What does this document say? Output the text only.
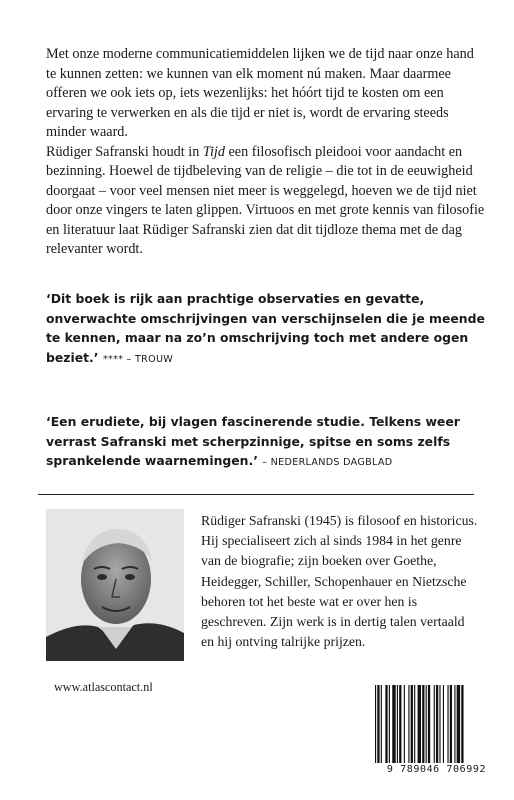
Met onze moderne communicatiemiddelen lijken we de tijd naar onze hand te kunnen zetten: we kunnen van elk moment nú maken. Maar daarmee offeren we ook iets op, iets wezenlijks: het hóórt tijd te kosten om een ervaring te verwerken en als die tijd er niet is, wordt de ervaring steeds minder waard.

Rüdiger Safranski houdt in Tijd een filosofisch pleidooi voor aandacht en bezinning. Hoewel de tijdbeleving van de religie – die tot in de eeuwigheid doorgaat – voor veel mensen niet meer is weggelegd, hoeven we de tijd niet door onze vingers te laten glippen. Virtuoos en met grote kennis van filosofie en literatuur laat Rüdiger Safranski zien dat dit tijdloze thema met de dag relevanter wordt.

‘Dit boek is rijk aan prachtige observaties en gevatte, onverwachte omschrijvingen van verschijnselen die je meende te kennen, maar na zo’n omschrijving toch met andere ogen beziet.’ **** – TROUW

‘Een erudiete, bij vlagen fascinerende studie. Telkens weer verrast Safranski met scherpzinnige, spitse en soms zelfs sprankelende waarnemingen.’ – NEDERLANDS DAGBLAD

Rüdiger Safranski (1945) is filosoof en historicus. Hij specialiseert zich al sinds 1984 in het genre van de biografie; zijn boeken over Goethe, Heidegger, Schiller, Schopenhauer en Nietzsche behoren tot het beste wat er over hen is geschreven. Zijn werk is in dertig talen vertaald en hij ontving talrijke prijzen.

www.atlascontact.nl

9 789046 706992
